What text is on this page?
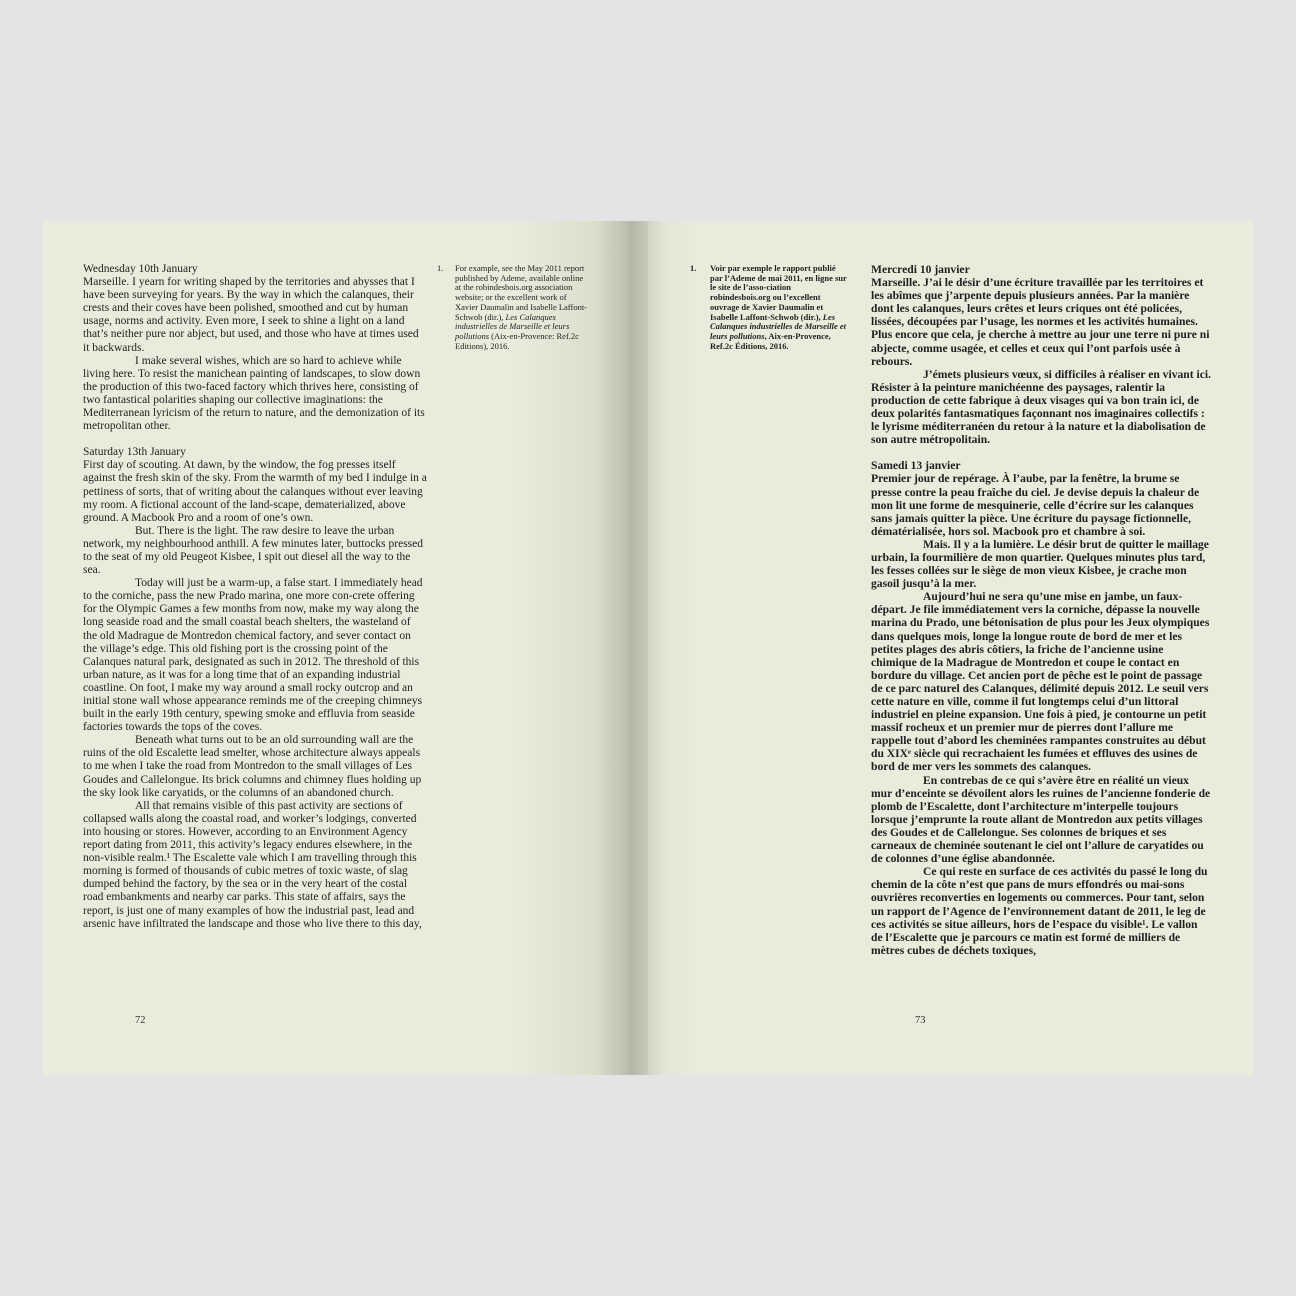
Wednesday 10th January

Marseille. I yearn for writing shaped by the territories and abysses that I have been surveying for years. By the way in which the calanques, their crests and their coves have been polished, smoothed and cut by human usage, norms and activity. Even more, I seek to shine a light on a land that’s neither pure nor abject, but used, and those who have at times used it backwards.

I make several wishes, which are so hard to achieve while living here. To resist the manichean painting of landscapes, to slow down the production of this two-faced factory which thrives here, consisting of two fantastical polarities shaping our collective imaginations: the Mediterranean lyricism of the return to nature, and the demonization of its metropolitan other.

Saturday 13th January

First day of scouting. At dawn, by the window, the fog presses itself against the fresh skin of the sky. From the warmth of my bed I indulge in a pettiness of sorts, that of writing about the calanques without ever leaving my room. A fictional account of the land-scape, dematerialized, above ground. A Macbook Pro and a room of one’s own.

But. There is the light. The raw desire to leave the urban network, my neighbourhood anthill. A few minutes later, buttocks pressed to the seat of my old Peugeot Kisbee, I spit out diesel all the way to the sea.

Today will just be a warm-up, a false start. I immediately head to the corniche, pass the new Prado marina, one more con-crete offering for the Olympic Games a few months from now, make my way along the long seaside road and the small coastal beach shelters, the wasteland of the old Madrague de Montredon chemical factory, and sever contact on the village’s edge. This old fishing port is the crossing point of the Calanques natural park, designated as such in 2012. The threshold of this urban nature, as it was for a long time that of an expanding industrial coastline. On foot, I make my way around a small rocky outcrop and an initial stone wall whose appearance reminds me of the creeping chimneys built in the early 19th century, spewing smoke and effluvia from seaside factories towards the tops of the coves.

Beneath what turns out to be an old surrounding wall are the ruins of the old Escalette lead smelter, whose architecture always appeals to me when I take the road from Montredon to the small villages of Les Goudes and Callelongue. Its brick columns and chimney flues holding up the sky look like caryatids, or the columns of an abandoned church.

All that remains visible of this past activity are sections of collapsed walls along the coastal road, and worker’s lodgings, converted into housing or stores. However, according to an Environment Agency report dating from 2011, this activity’s legacy endures elsewhere, in the non-visible realm.¹ The Escalette vale which I am travelling through this morning is formed of thousands of cubic metres of toxic waste, of slag dumped behind the factory, by the sea or in the very heart of the costal road embankments and nearby car parks. This state of affairs, says the report, is just one of many examples of how the industrial past, lead and arsenic have infiltrated the landscape and those who live there to this day,

1. For example, see the May 2011 report published by Ademe, available online at the robindesbois.org association website; or the excellent work of Xavier Daumalin and Isabelle Laffont-Schwob (dir.), Les Calanques industrielles de Marseille et leurs pollutions (Aix-en-Provence: Ref.2c Editions), 2016.
72
1. Voir par exemple le rapport publié par l’Ademe de mai 2011, en ligne sur le site de l’asso-ciation robindesbois.org ou l’excellent ouvrage de Xavier Daumalin et Isabelle Laffont-Schwob (dir.), Les Calanques industrielles de Marseille et leurs pollutions, Aix-en-Provence, Ref.2c Éditions, 2016.
Mercredi 10 janvier

Marseille. J’ai le désir d’une écriture travaillée par les territoires et les abîmes que j’arpente depuis plusieurs années. Par la manière dont les calanques, leurs crêtes et leurs criques ont été policées, lissées, découpées par l’usage, les normes et les activités humaines. Plus encore que cela, je cherche à mettre au jour une terre ni pure ni abjecte, comme usagée, et celles et ceux qui l’ont parfois usée à rebours.

J’émets plusieurs vœux, si difficiles à réaliser en vivant ici. Résister à la peinture manichéenne des paysages, ralentir la production de cette fabrique à deux visages qui va bon train ici, de deux polarités fantasmatiques façonnant nos imaginaires collectifs : le lyrisme méditerranéen du retour à la nature et la diabolisation de son autre métropolitain.

Samedi 13 janvier

Premier jour de repérage. À l’aube, par la fenêtre, la brume se presse contre la peau fraîche du ciel. Je devise depuis la chaleur de mon lit une forme de mesquinerie, celle d’écrire sur les calanques sans jamais quitter la pièce. Une écriture du paysage fictionnelle, dématérialisée, hors sol. Macbook pro et chambre à soi.

Mais. Il y a la lumière. Le désir brut de quitter le maillage urbain, la fourmilière de mon quartier. Quelques minutes plus tard, les fesses collées sur le siège de mon vieux Kisbee, je crache mon gasoil jusqu’à la mer.

Aujourd’hui ne sera qu’une mise en jambe, un faux-départ. Je file immédiatement vers la corniche, dépasse la nouvelle marina du Prado, une bétonisation de plus pour les Jeux olympiques dans quelques mois, longe la longue route de bord de mer et les petites plages des abris côtiers, la friche de l’ancienne usine chimique de la Madrague de Montredon et coupe le contact en bordure du village. Cet ancien port de pêche est le point de passage de ce parc naturel des Calanques, délimité depuis 2012. Le seuil vers cette nature en ville, comme il fut longtemps celui d’un littoral industriel en pleine expansion. Une fois à pied, je contourne un petit massif rocheux et un premier mur de pierres dont l’allure me rappelle tout d’abord les cheminées rampantes construites au début du XIXᵉ siècle qui recrachaient les fumées et effluves des usines de bord de mer vers les sommets des calanques.

En contrebas de ce qui s’avère être en réalité un vieux mur d’enceinte se dévoilent alors les ruines de l’ancienne fonderie de plomb de l’Escalette, dont l’architecture m’interpelle toujours lorsque j’emprunte la route allant de Montredon aux petits villages des Goudes et de Callelongue. Ses colonnes de briques et ses carneaux de cheminée soutenant le ciel ont l’allure de caryatides ou de colonnes d’une église abandonnée.

Ce qui reste en surface de ces activités du passé le long du chemin de la côte n’est que pans de murs effondrés ou mai-sons ouvrières reconverties en logements ou commerces. Pour tant, selon un rapport de l’Agence de l’environnement datant de 2011, le leg de ces activités se situe ailleurs, hors de l’espace du visible¹. Le vallon de l’Escalette que je parcours ce matin est formé de milliers de mètres cubes de déchets toxiques,

73
